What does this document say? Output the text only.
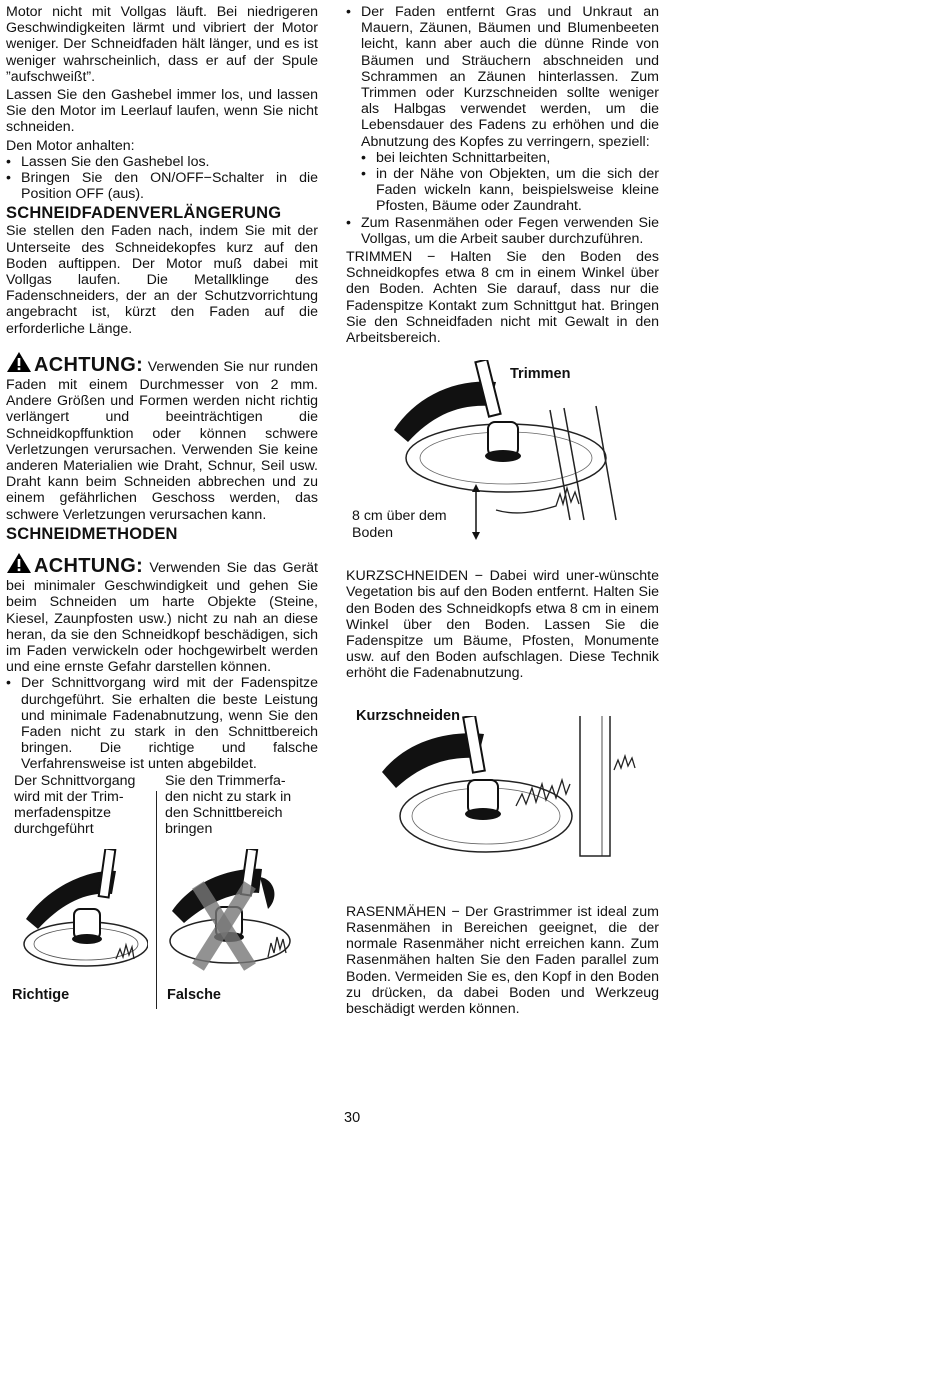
Motor nicht mit Vollgas läuft. Bei niedrigeren Geschwindigkeiten lärmt und vibriert der Motor weniger. Der Schneidfaden hält länger, und es ist weniger wahrscheinlich, dass er auf der Spule ”aufschweißt”.

Lassen Sie den Gashebel immer los, und lassen Sie den Motor im Leerlauf laufen, wenn Sie nicht schneiden.

Den Motor anhalten:

• Lassen Sie den Gashebel los.
• Bringen Sie den ON/OFF−Schalter in die Position OFF (aus).
SCHNEIDFADENVERLÄNGERUNG

Sie stellen den Faden nach, indem Sie mit der Unterseite des Schneidekopfes kurz auf den Boden auftippen. Der Motor muß dabei mit Vollgas laufen. Die Metallklinge des Fadenschneiders, der an der Schutzvorrichtung angebracht ist, kürzt den Faden auf die erforderliche Länge.

ACHTUNG: Verwenden Sie nur runden Faden mit einem Durchmesser von 2 mm. Andere Größen und Formen werden nicht richtig verlängert und beeinträchtigen die Schneidkopffunktion oder können schwere Verletzungen verursachen. Verwenden Sie keine anderen Materialien wie Draht, Schnur, Seil usw. Draht kann beim Schneiden abbrechen und zu einem gefährlichen Geschoss werden, das schwere Verletzungen verursachen kann.

SCHNEIDMETHODEN

ACHTUNG: Verwenden Sie das Gerät bei minimaler Geschwindigkeit und gehen Sie beim Schneiden um harte Objekte (Steine, Kiesel, Zaunpfosten usw.) nicht zu nah an diese heran, da sie den Schneidkopf beschädigen, sich im Faden verwickeln oder hochgewirbelt werden und eine ernste Gefahr darstellen können.

• Der Schnittvorgang wird mit der Fadenspitze durchgeführt. Sie erhalten die beste Leistung und minimale Fadenabnutzung, wenn Sie den Faden nicht zu stark in den Schnittbereich bringen. Die richtige und falsche Verfahrensweise ist unten abgebildet.
Der Schnittvorgang
wird mit der Trim-
merfadenspitze
durchgeführt
Sie den Trimmerfa-
den nicht zu stark in
den Schnittbereich
bringen
Richtige	Falsche
• Der Faden entfernt Gras und Unkraut an Mauern, Zäunen, Bäumen und Blumenbeeten leicht, kann aber auch die dünne Rinde von Bäumen und Sträuchern abschneiden und Schrammen an Zäunen hinterlassen. Zum Trimmen oder Kurzschneiden sollte weniger als Halbgas verwendet werden, um die Lebensdauer des Fadens zu erhöhen und die Abnutzung des Kopfes zu verringern, speziell:
• bei leichten Schnittarbeiten,
• in der Nähe von Objekten, um die sich der Faden wickeln kann, beispielsweise kleine Pfosten, Bäume oder Zaundraht.
• Zum Rasenmähen oder Fegen verwenden Sie Vollgas, um die Arbeit sauber durchzuführen.

TRIMMEN − Halten Sie den Boden des Schneidkopfes etwa 8 cm in einem Winkel über den Boden. Achten Sie darauf, dass nur die Fadenspitze Kontakt zum Schnittgut hat. Bringen Sie den Schneidfaden nicht mit Gewalt in den Arbeitsbereich.

Trimmen
8 cm über dem
Boden

KURZSCHNEIDEN − Dabei wird uner-wünschte Vegetation bis auf den Boden entfernt. Halten Sie den Boden des Schneidkopfs etwa 8 cm in einem Winkel über den Boden. Lassen Sie die Fadenspitze um Bäume, Pfosten, Monumente usw. auf den Boden aufschlagen. Diese Technik erhöht die Fadenabnutzung.

Kurzschneiden

RASENMÄHEN − Der Grastrimmer ist ideal zum Rasenmähen in Bereichen geeignet, die der normale Rasenmäher nicht erreichen kann. Zum Rasenmähen halten Sie den Faden parallel zum Boden. Vermeiden Sie es, den Kopf in den Boden zu drücken, da dabei Boden und Werkzeug beschädigt werden können.

30
